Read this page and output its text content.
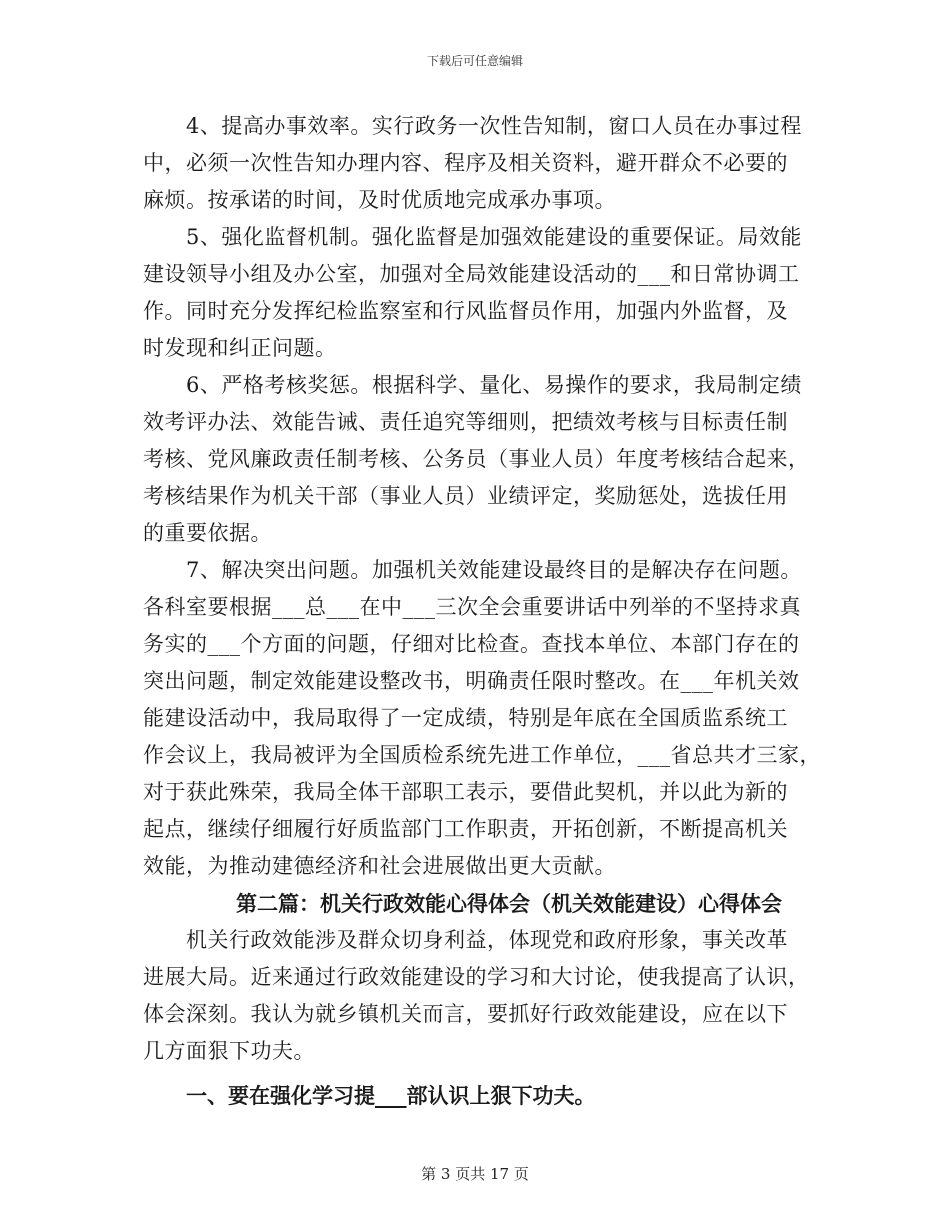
下载后可任意编辑
4、提高办事效率。实行政务一次性告知制，窗口人员在办事过程
中，必须一次性告知办理内容、程序及相关资料，避开群众不必要的
麻烦。按承诺的时间，及时优质地完成承办事项。
5、强化监督机制。强化监督是加强效能建设的重要保证。局效能
建设领导小组及办公室，加强对全局效能建设活动的___和日常协调工
作。同时充分发挥纪检监察室和行风监督员作用，加强内外监督，及
时发现和纠正问题。
6、严格考核奖惩。根据科学、量化、易操作的要求，我局制定绩
效考评办法、效能告诫、责任追究等细则，把绩效考核与目标责任制
考核、党风廉政责任制考核、公务员（事业人员）年度考核结合起来，
考核结果作为机关干部（事业人员）业绩评定，奖励惩处，选拔任用
的重要依据。
7、解决突出问题。加强机关效能建设最终目的是解决存在问题。
各科室要根据___总___在中___三次全会重要讲话中列举的不坚持求真
务实的___个方面的问题，仔细对比检查。查找本单位、本部门存在的
突出问题，制定效能建设整改书，明确责任限时整改。在___年机关效
能建设活动中，我局取得了一定成绩，特别是年底在全国质监系统工
作会议上，我局被评为全国质检系统先进工作单位，___省总共才三家，
对于获此殊荣，我局全体干部职工表示，要借此契机，并以此为新的
起点，继续仔细履行好质监部门工作职责，开拓创新，不断提高机关
效能，为推动建德经济和社会进展做出更大贡献。
第二篇：机关行政效能心得体会（机关效能建设）心得体会
机关行政效能涉及群众切身利益，体现党和政府形象，事关改革
进展大局。近来通过行政效能建设的学习和大讨论，使我提高了认识，
体会深刻。我认为就乡镇机关而言，要抓好行政效能建设，应在以下
几方面狠下功夫。
一、要在强化学习提___部认识上狠下功夫。
第 3 页共 17 页
